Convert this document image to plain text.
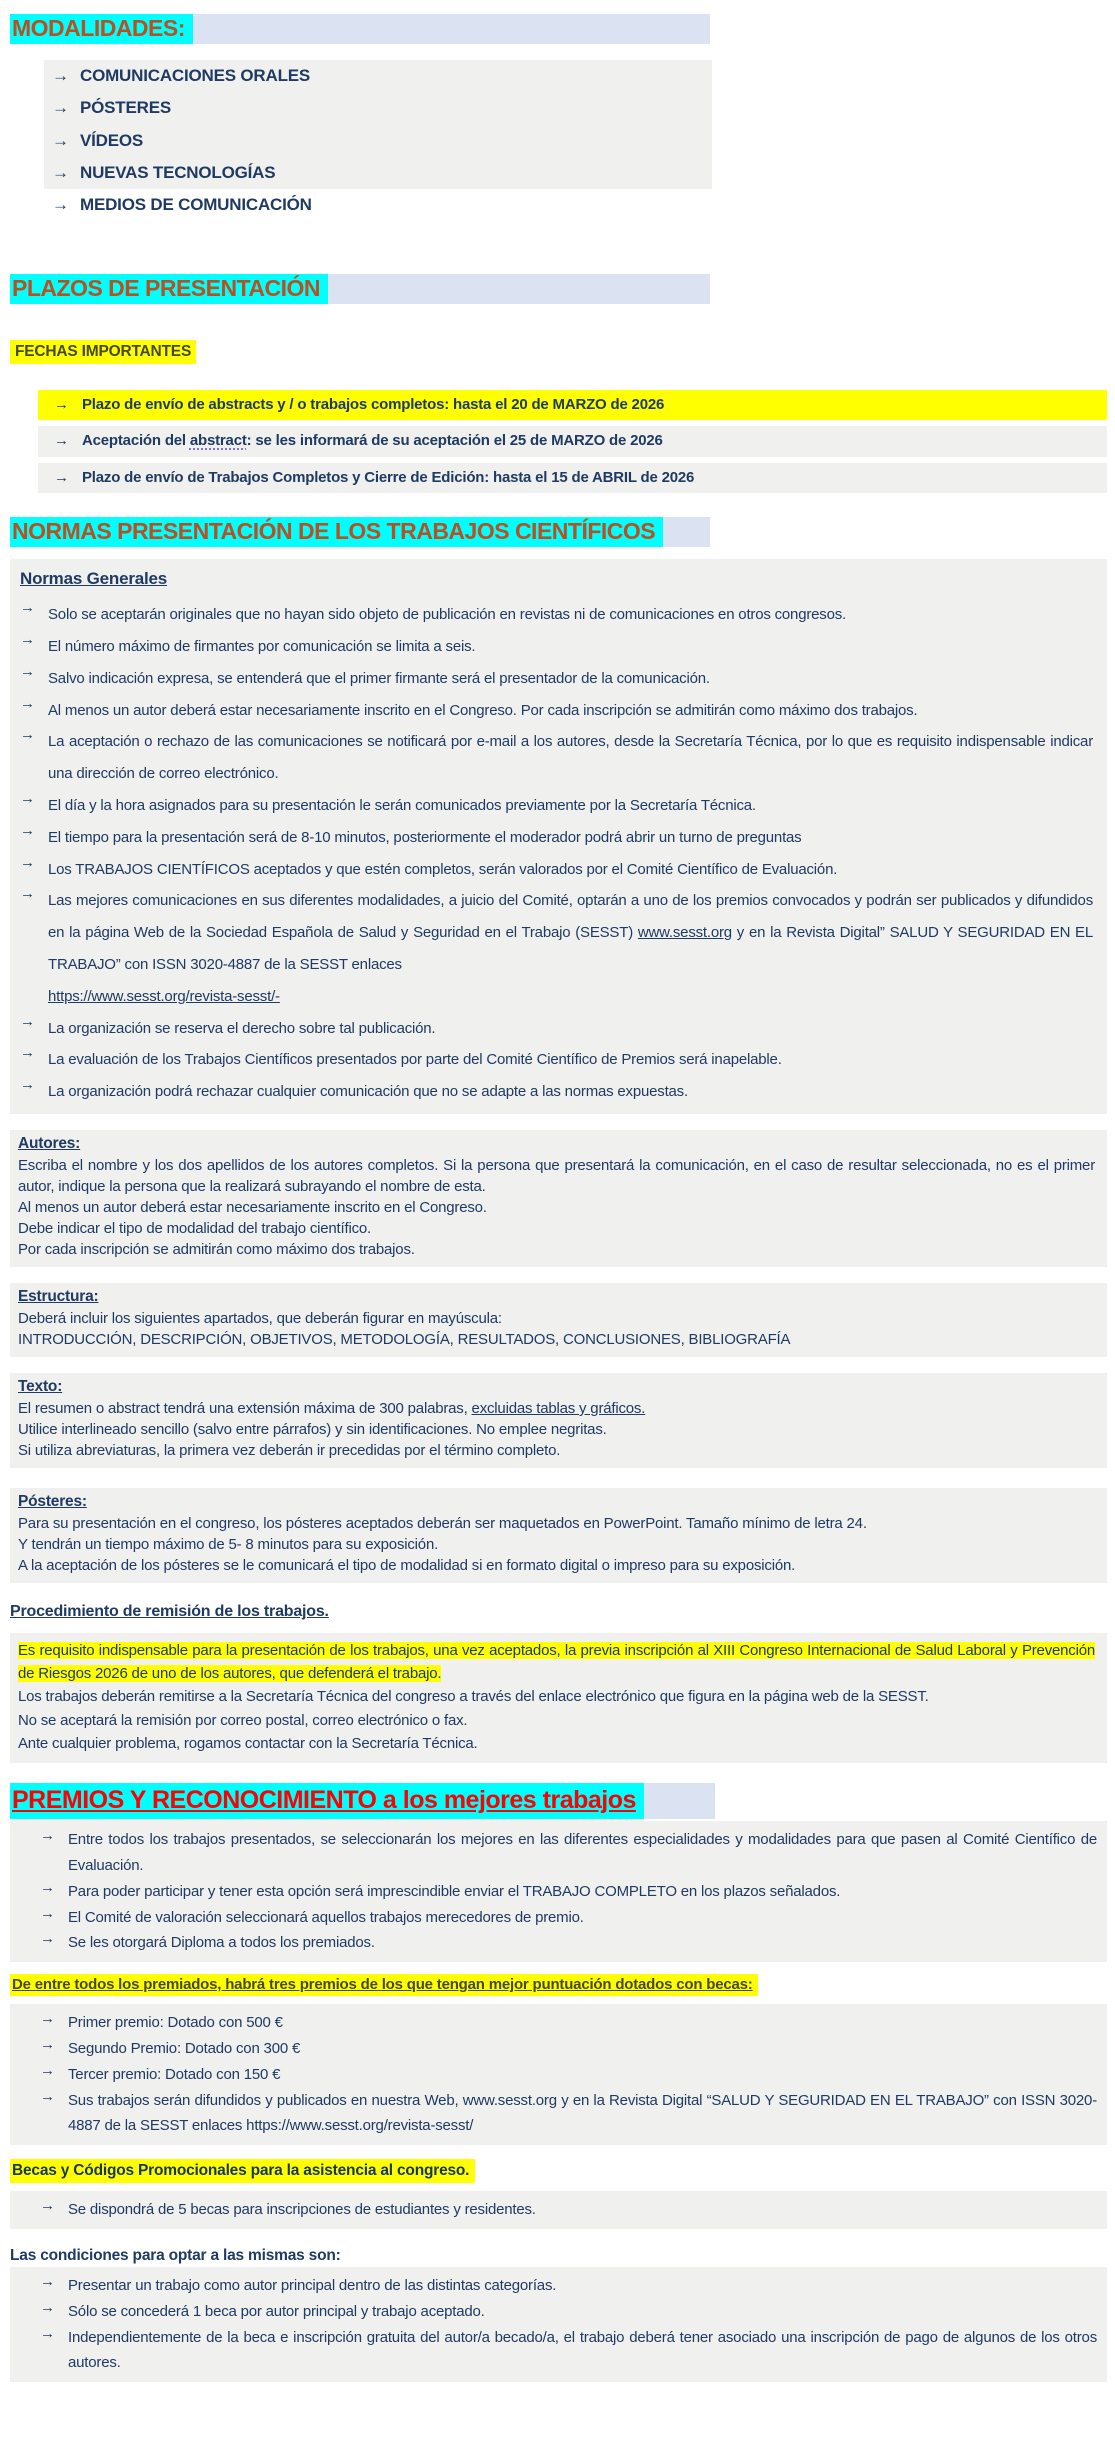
MODALIDADES:
→ COMUNICACIONES ORALES
→ PÓSTERES
→ VÍDEOS
→ NUEVAS TECNOLOGÍAS
→ MEDIOS DE COMUNICACIÓN
PLAZOS DE PRESENTACIÓN
FECHAS IMPORTANTES
→ Plazo de envío de abstracts y / o trabajos completos: hasta el 20 de MARZO de 2026
→ Aceptación del abstract: se les informará de su aceptación el 25 de MARZO de 2026
→ Plazo de envío de Trabajos Completos y Cierre de Edición: hasta el 15 de ABRIL de 2026
NORMAS PRESENTACIÓN DE LOS TRABAJOS CIENTÍFICOS
Normas Generales
→ Solo se aceptarán originales que no hayan sido objeto de publicación en revistas ni de comunicaciones en otros congresos.
→ El número máximo de firmantes por comunicación se limita a seis.
→ Salvo indicación expresa, se entenderá que el primer firmante será el presentador de la comunicación.
→ Al menos un autor deberá estar necesariamente inscrito en el Congreso. Por cada inscripción se admitirán como máximo dos trabajos.
→ La aceptación o rechazo de las comunicaciones se notificará por e-mail a los autores, desde la Secretaría Técnica, por lo que es requisito indispensable indicar una dirección de correo electrónico.
→ El día y la hora asignados para su presentación le serán comunicados previamente por la Secretaría Técnica.
→ El tiempo para la presentación será de 8-10 minutos, posteriormente el moderador podrá abrir un turno de preguntas
→ Los TRABAJOS CIENTÍFICOS aceptados y que estén completos, serán valorados por el Comité Científico de Evaluación.
→ Las mejores comunicaciones en sus diferentes modalidades, a juicio del Comité, optarán a uno de los premios convocados y podrán ser publicados y difundidos en la página Web de la Sociedad Española de Salud y Seguridad en el Trabajo (SESST) www.sesst.org y en la Revista Digital” SALUD Y SEGURIDAD EN EL TRABAJO” con ISSN 3020-4887 de la SESST enlaces
https://www.sesst.org/revista-sesst/-
→ La organización se reserva el derecho sobre tal publicación.
→ La evaluación de los Trabajos Científicos presentados por parte del Comité Científico de Premios será inapelable.
→ La organización podrá rechazar cualquier comunicación que no se adapte a las normas expuestas.
Autores:
Escriba el nombre y los dos apellidos de los autores completos. Si la persona que presentará la comunicación, en el caso de resultar seleccionada, no es el primer autor, indique la persona que la realizará subrayando el nombre de esta.
Al menos un autor deberá estar necesariamente inscrito en el Congreso.
Debe indicar el tipo de modalidad del trabajo científico.
Por cada inscripción se admitirán como máximo dos trabajos.
Estructura:
Deberá incluir los siguientes apartados, que deberán figurar en mayúscula:
INTRODUCCIÓN, DESCRIPCIÓN, OBJETIVOS, METODOLOGÍA, RESULTADOS, CONCLUSIONES, BIBLIOGRAFÍA
Texto:
El resumen o abstract tendrá una extensión máxima de 300 palabras, excluidas tablas y gráficos.
Utilice interlineado sencillo (salvo entre párrafos) y sin identificaciones. No emplee negritas.
Si utiliza abreviaturas, la primera vez deberán ir precedidas por el término completo.
Pósteres:
Para su presentación en el congreso, los pósteres aceptados deberán ser maquetados en PowerPoint. Tamaño mínimo de letra 24.
Y tendrán un tiempo máximo de 5- 8 minutos para su exposición.
A la aceptación de los pósteres se le comunicará el tipo de modalidad si en formato digital o impreso para su exposición.
Procedimiento de remisión de los trabajos.
Es requisito indispensable para la presentación de los trabajos, una vez aceptados, la previa inscripción al XIII Congreso Internacional de Salud Laboral y Prevención de Riesgos 2026 de uno de los autores, que defenderá el trabajo.
Los trabajos deberán remitirse a la Secretaría Técnica del congreso a través del enlace electrónico que figura en la página web de la SESST.
No se aceptará la remisión por correo postal, correo electrónico o fax.
Ante cualquier problema, rogamos contactar con la Secretaría Técnica.
PREMIOS Y RECONOCIMIENTO a los mejores trabajos
→ Entre todos los trabajos presentados, se seleccionarán los mejores en las diferentes especialidades y modalidades para que pasen al Comité Científico de Evaluación.
→ Para poder participar y tener esta opción será imprescindible enviar el TRABAJO COMPLETO en los plazos señalados.
→ El Comité de valoración seleccionará aquellos trabajos merecedores de premio.
→ Se les otorgará Diploma a todos los premiados.
De entre todos los premiados, habrá tres premios de los que tengan mejor puntuación dotados con becas:
→ Primer premio: Dotado con 500 €
→ Segundo Premio: Dotado con 300 €
→ Tercer premio: Dotado con 150 €
→ Sus trabajos serán difundidos y publicados en nuestra Web, www.sesst.org y en la Revista Digital “SALUD Y SEGURIDAD EN EL TRABAJO” con ISSN 3020-4887 de la SESST enlaces https://www.sesst.org/revista-sesst/
Becas y Códigos Promocionales para la asistencia al congreso.
→ Se dispondrá de 5 becas para inscripciones de estudiantes y residentes.
Las condiciones para optar a las mismas son:
→ Presentar un trabajo como autor principal dentro de las distintas categorías.
→ Sólo se concederá 1 beca por autor principal y trabajo aceptado.
→ Independientemente de la beca e inscripción gratuita del autor/a becado/a, el trabajo deberá tener asociado una inscripción de pago de algunos de los otros autores.
